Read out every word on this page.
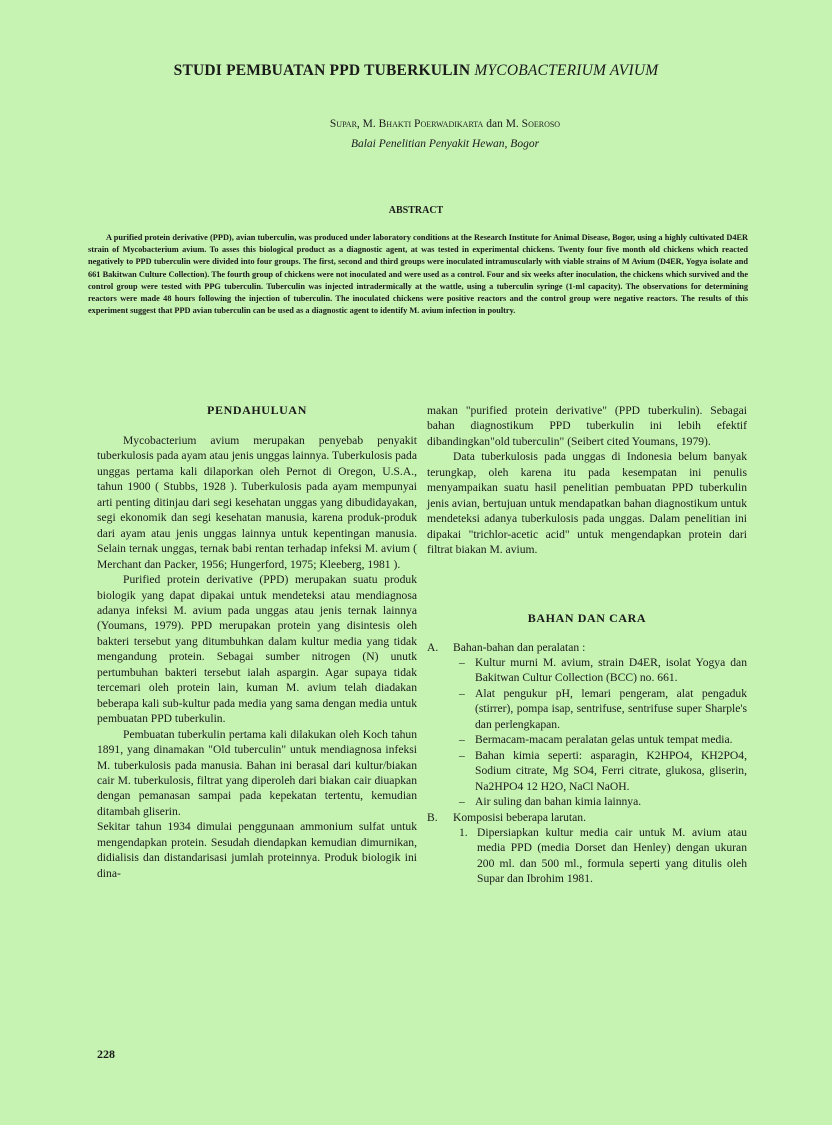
STUDI PEMBUATAN PPD TUBERKULIN MYCOBACTERIUM AVIUM

Supar, M. Bhakti Poerwadikarta dan M. Soeroso

Balai Penelitian Penyakit Hewan, Bogor

ABSTRACT

A purified protein derivative (PPD), avian tuberculin, was produced under laboratory conditions at the Research Institute for Animal Disease, Bogor, using a highly cultivated D4ER strain of Mycobacterium avium. To asses this biological product as a diagnostic agent, at was tested in experimental chickens. Twenty four five month old chickens which reacted negatively to PPD tuberculin were divided into four groups. The first, second and third groups were inoculated intramuscularly with viable strains of M Avium (D4ER, Yogya isolate and 661 Bakitwan Culture Collection). The fourth group of chickens were not inoculated and were used as a control. Four and six weeks after inoculation, the chickens which survived and the control group were tested with PPG tuberculin. Tuberculin was injected intradermically at the wattle, using a tuberculin syringe (1-ml capacity). The observations for determining reactors were made 48 hours following the injection of tuberculin. The inoculated chickens were positive reactors and the control group were negative reactors. The results of this experiment suggest that PPD avian tuberculin can be used as a diagnostic agent to identify M. avium infection in poultry.

PENDAHULUAN

Mycobacterium avium merupakan penyebab penyakit tuberkulosis pada ayam atau jenis unggas lainnya. Tuberkulosis pada unggas pertama kali dilaporkan oleh Pernot di Oregon, U.S.A., tahun 1900 ( Stubbs, 1928 ). Tuberkulosis pada ayam mempunyai arti penting ditinjau dari segi kesehatan unggas yang dibudidayakan, segi ekonomik dan segi kesehatan manusia, karena produk-produk dari ayam atau jenis unggas lainnya untuk kepentingan manusia. Selain ternak unggas, ternak babi rentan terhadap infeksi M. avium ( Merchant dan Packer, 1956; Hungerford, 1975; Kleeberg, 1981 ).

Purified protein derivative (PPD) merupakan suatu produk biologik yang dapat dipakai untuk mendeteksi atau mendiagnosa adanya infeksi M. avium pada unggas atau jenis ternak lainnya (Youmans, 1979). PPD merupakan protein yang disintesis oleh bakteri tersebut yang ditumbuhkan dalam kultur media yang tidak mengandung protein. Sebagai sumber nitrogen (N) unutk pertumbuhan bakteri tersebut ialah aspargin. Agar supaya tidak tercemari oleh protein lain, kuman M. avium telah diadakan beberapa kali sub-kultur pada media yang sama dengan media untuk pembuatan PPD tuberkulin.

Pembuatan tuberkulin pertama kali dilakukan oleh Koch tahun 1891, yang dinamakan "Old tuberculin" untuk mendiagnosa infeksi M. tuberkulosis pada manusia. Bahan ini berasal dari kultur/biakan cair M. tuberkulosis, filtrat yang diperoleh dari biakan cair diuapkan dengan pemanasan sampai pada kepekatan tertentu, kemudian ditambah gliserin.

Sekitar tahun 1934 dimulai penggunaan ammonium sulfat untuk mengendapkan protein. Sesudah diendapkan kemudian dimurnikan, didialisis dan distandarisasi jumlah proteinnya. Produk biologik ini dina-

makan "purified protein derivative" (PPD tuberkulin). Sebagai bahan diagnostikum PPD tuberkulin ini lebih efektif dibandingkan"old tuberculin" (Seibert cited Youmans, 1979).

Data tuberkulosis pada unggas di Indonesia belum banyak terungkap, oleh karena itu pada kesempatan ini penulis menyampaikan suatu hasil penelitian pembuatan PPD tuberkulin jenis avian, bertujuan untuk mendapatkan bahan diagnostikum untuk mendeteksi adanya tuberkulosis pada unggas. Dalam penelitian ini dipakai "trichlor-acetic acid" untuk mengendapkan protein dari filtrat biakan M. avium.

BAHAN DAN CARA
A.	Bahan-bahan dan peralatan :
– Kultur murni M. avium, strain D4ER, isolat Yogya dan Bakitwan Cultur Collection (BCC) no. 661.
– Alat pengukur pH, lemari pengeram, alat pengaduk (stirrer), pompa isap, sentrifuse, sentrifuse super Sharple's dan perlengkapan.
– Bermacam-macam peralatan gelas untuk tempat media.
– Bahan kimia seperti: asparagin, K2HPO4, KH2PO4, Sodium citrate, Mg SO4, Ferri citrate, glukosa, gliserin, Na2HPO4 12 H2O, NaCl NaOH.
– Air suling dan bahan kimia lainnya.
B.	Komposisi beberapa larutan.
1. Dipersiapkan kultur media cair untuk M. avium atau media PPD (media Dorset dan Henley) dengan ukuran 200 ml. dan 500 ml., formula seperti yang ditulis oleh Supar dan Ibrohim 1981.

228
